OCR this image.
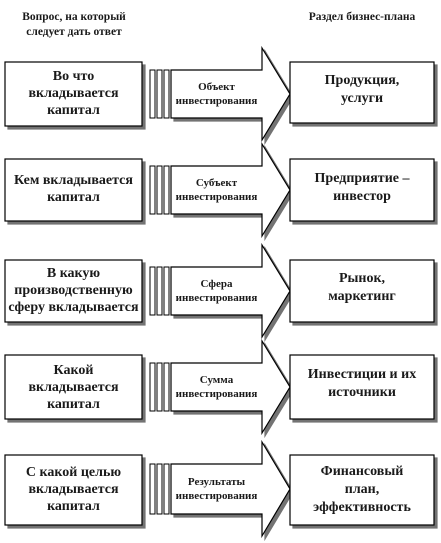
Вопрос, на который
следует дать ответ
Раздел бизнес-плана
Во что
вкладывается
капитал
Объект
инвестирования
Продукция,
услуги
Кем вкладывается
капитал
Субъект
инвестирования
Предприятие –
инвестор
В какую
производственную
сферу вкладывается
Сфера
инвестирования
Рынок,
маркетинг
Какой
вкладывается
капитал
Сумма
инвестирования
Инвестиции и их
источники
С какой целью
вкладывается
капитал
Результаты
инвестирования
Финансовый
план,
эффективность
